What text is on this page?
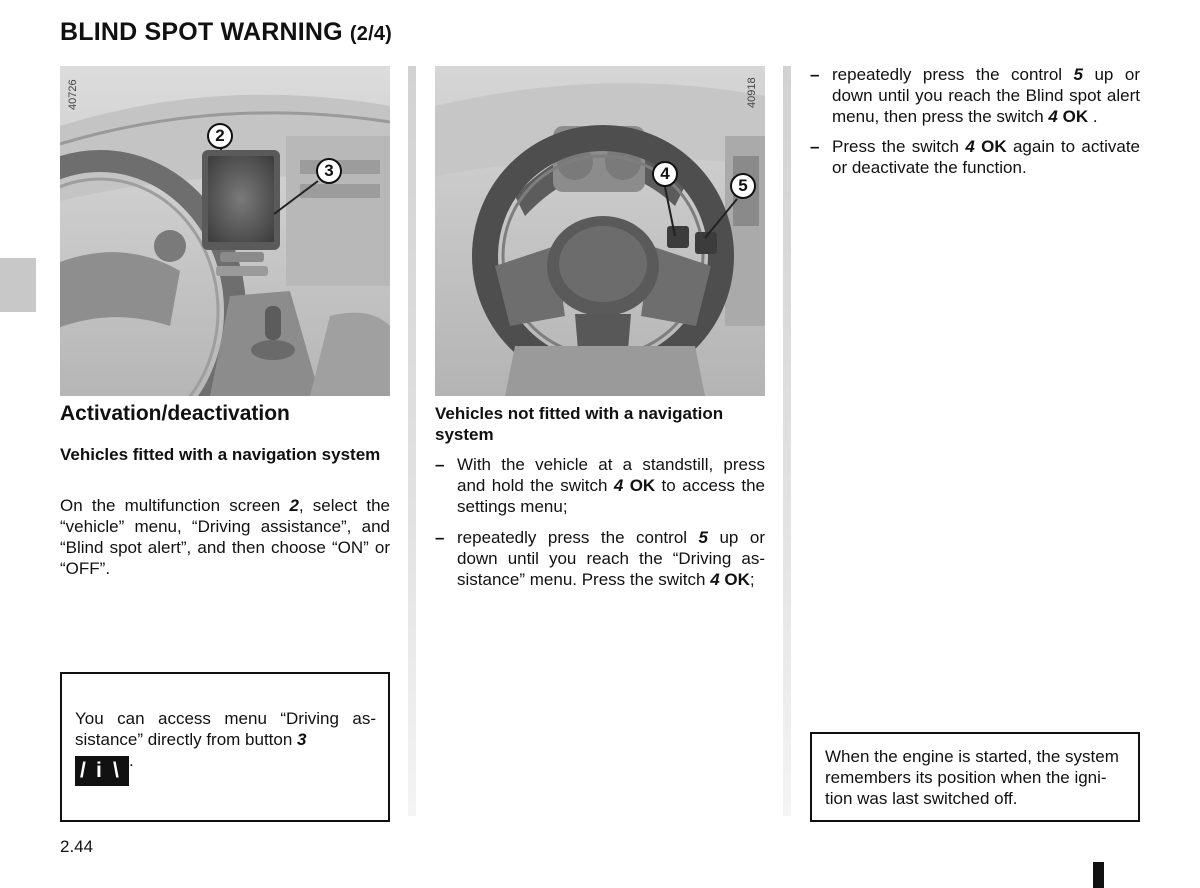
BLIND SPOT WARNING (2/4)
40726
2
3
40918
4
5
Activation/deactivation
Vehicles fitted with a navigation system
On the multifunction screen 2, select the “vehicle” menu, “Driving assistance”, and “Blind spot alert”, and then choose “ON” or “OFF”.
You can access menu “Driving assistance” directly from button 3
/ i \ .
Vehicles not fitted with a navigation system
– With the vehicle at a standstill, press and hold the switch 4 OK to access the settings menu;
– repeatedly press the control 5 up or down until you reach the “Driving assistance” menu. Press the switch 4 OK;
– repeatedly press the control 5 up or down until you reach the Blind spot alert menu, then press the switch 4 OK .
– Press the switch 4 OK again to activate or deactivate the function.
When the engine is started, the system remembers its position when the ignition was last switched off.
2.44
